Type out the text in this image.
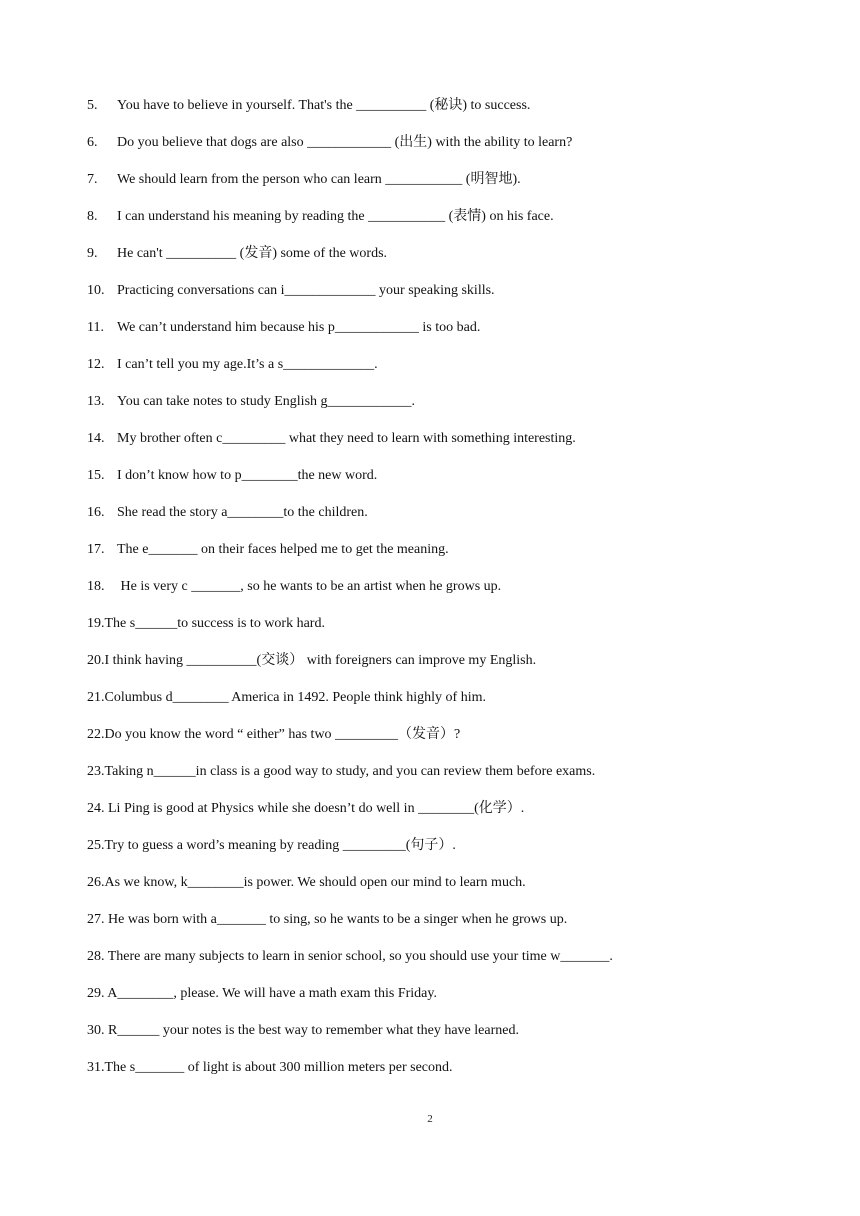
5. You have to believe in yourself. That's the __________ (秘诀) to success.
6. Do you believe that dogs are also ____________ (出生) with the ability to learn?
7. We should learn from the person who can learn ___________ (明智地).
8. I can understand his meaning by reading the ___________ (表情) on his face.
9. He can't __________ (发音) some of the words.
10. Practicing conversations can i_____________ your speaking skills.
11. We can’t understand him because his p____________ is too bad.
12. I can’t tell you my age.It’s a s_____________.
13. You can take notes to study English g____________.
14. My brother often c_________ what they need to learn with something interesting.
15. I don’t know how to p________the new word.
16. She read the story a________to the children.
17. The e_______ on their faces helped me to get the meaning.
18. He is very c _______, so he wants to be an artist when he grows up.
19.The s______to success is to work hard.
20.I think having __________(交谈） with foreigners can improve my English.
21.Columbus d________ America in 1492. People think highly of him.
22.Do you know the word “ either” has two _________（发音）?
23.Taking n______in class is a good way to study, and you can review them before exams.
24. Li Ping is good at Physics while she doesn’t do well in ________(化学）.
25.Try to guess a word’s meaning by reading _________(句子）.
26.As we know, k________is power. We should open our mind to learn much.
27. He was born with a_______ to sing, so he wants to be a singer when he grows up.
28. There are many subjects to learn in senior school, so you should use your time w_______.
29. A________, please. We will have a math exam this Friday.
30. R______ your notes is the best way to remember what they have learned.
31.The s_______ of light is about 300 million meters per second.
2
